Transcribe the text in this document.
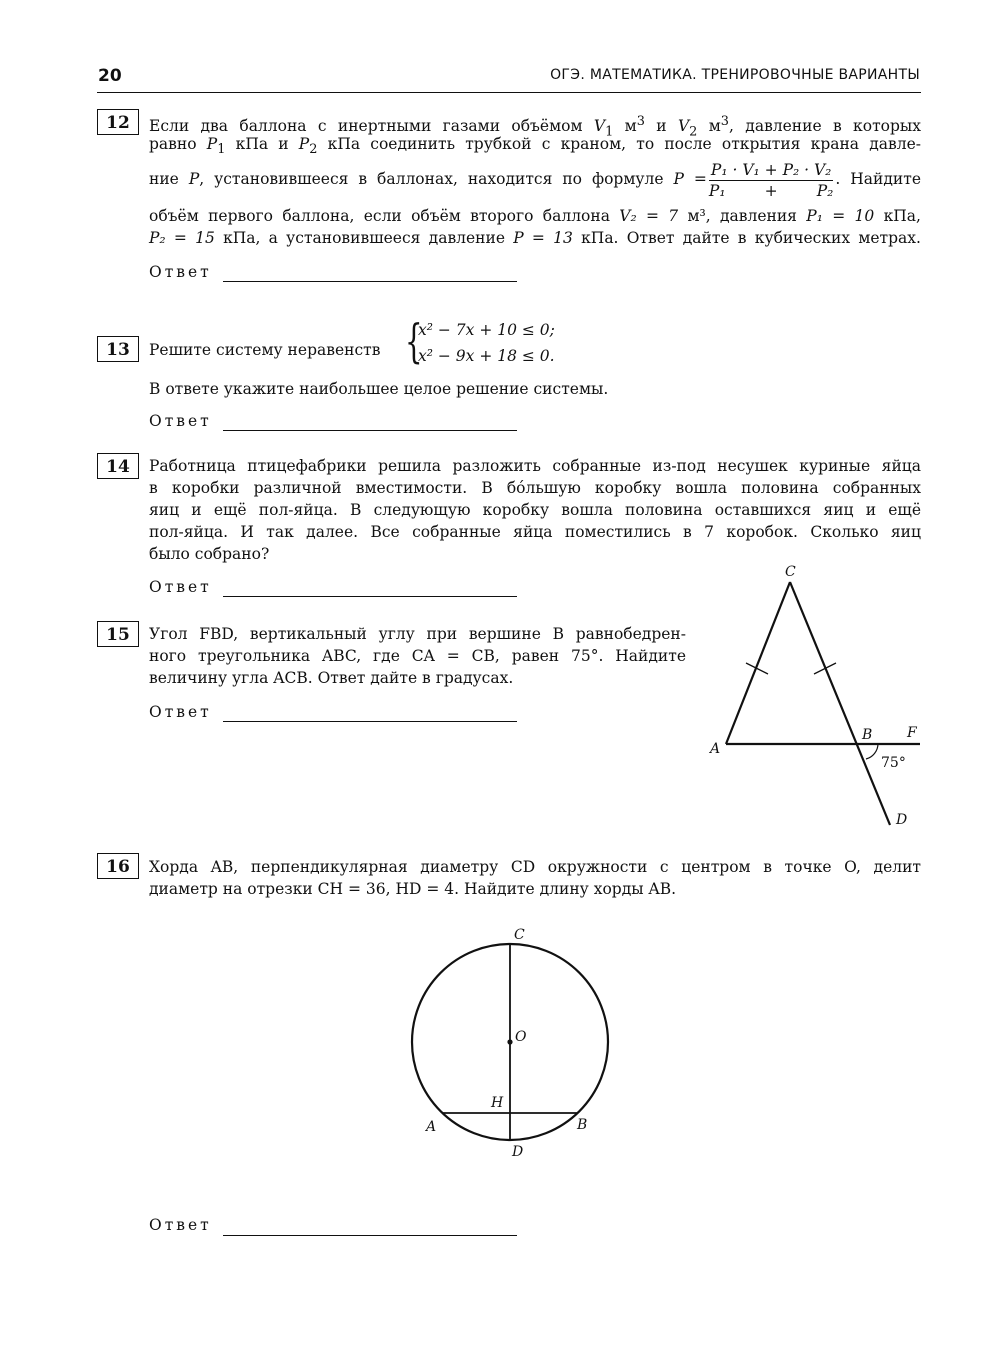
20	ОГЭ. МАТЕМАТИКА. ТРЕНИРОВОЧНЫЕ ВАРИАНТЫ
12	Если два баллона с инертными газами объёмом $V_1$ $м^3$ и $V_2$ $м^3$, давление в которых
равно $P_1$ кПа и $P_2$ кПа соединить трубкой с краном, то после открытия крана давле-
ние P, установившееся в баллонах, находится по формуле $P = \frac{\text{P₁ · V₁ + P₂ · V₂}}{\text{P₁ + P₂}}$ . Найдите
объём первого баллона, если объём второго баллона V₂ = 7 м³, давления P₁ = 10 кПа,
P₂ = 15 кПа, а установившееся давление P = 13 кПа. Ответ дайте в кубических метрах.
Ответ
13	Решите систему неравенств {
x² − 7x + 10 ≤ 0;
x² − 9x + 18 ≤ 0.
В ответе укажите наибольшее целое решение системы.
Ответ
14	Работница птицефабрики решила разложить собранные из-под несушек куриные яйца
в коробки различной вместимости. В бóльшую коробку вошла половина собранных
яиц и ещё пол-яйца. В следующую коробку вошла половина оставшихся яиц и ещё
пол-яйца. И так далее. Все собранные яйца поместились в 7 коробок. Сколько яиц
было собрано?
Ответ
15	Угол FBD, вертикальный углу при вершине B равнобедрен-
ного треугольника ABC, где CA = CB, равен 75°. Найдите
величину угла ACB. Ответ дайте в градусах.
Ответ
C
A
B F
D
75°
16	Хорда AB, перпендикулярная диаметру CD окружности с центром в точке O, делит
диаметр на отрезки CH = 36, HD = 4. Найдите длину хорды AB.
C
O
H
A	B
D
Ответ
